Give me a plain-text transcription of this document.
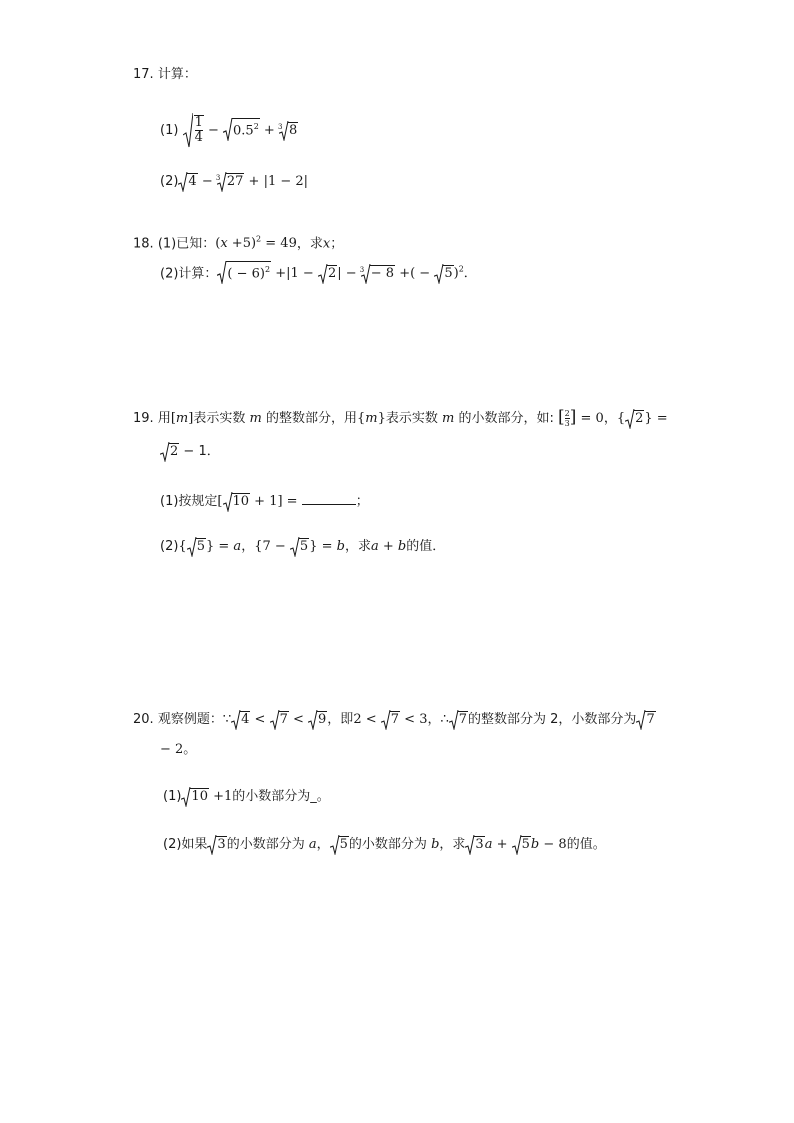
17. 计算：
$(1) \frac{1}{4}$ −
$0.5^2 + 3$ 8
(2) 4 − 3 27 + |1 − 2|
18. (1)已知：$(x +5)^2 = 49$，求x；
(2)计算： ( − 6)$^2$ +|1 −
2| − 3 − 8 +( −
5)$^2$．
19. 用[m]表示实数 m 的整数部分，用{m}表示实数 m 的小数部分，如: [ $\frac{2}{3}$ ] = 0，{ 2} =
2 − 1．
(1)按规定[ 10 + 1] =	；
(2){ 5} = a，{7 −
5} = b，求a + b的值．
20. 观察例题：∵ 4 <
7 <
9，即2 <
7 < 3，∴ 7的整数部分为 2，小数部分为 7
− 2。
(1) 10 +1的小数部分为_。
(2)如果 3的小数部分为 a， 5的小数部分为 b，求 3a +
5b − 8的值。
